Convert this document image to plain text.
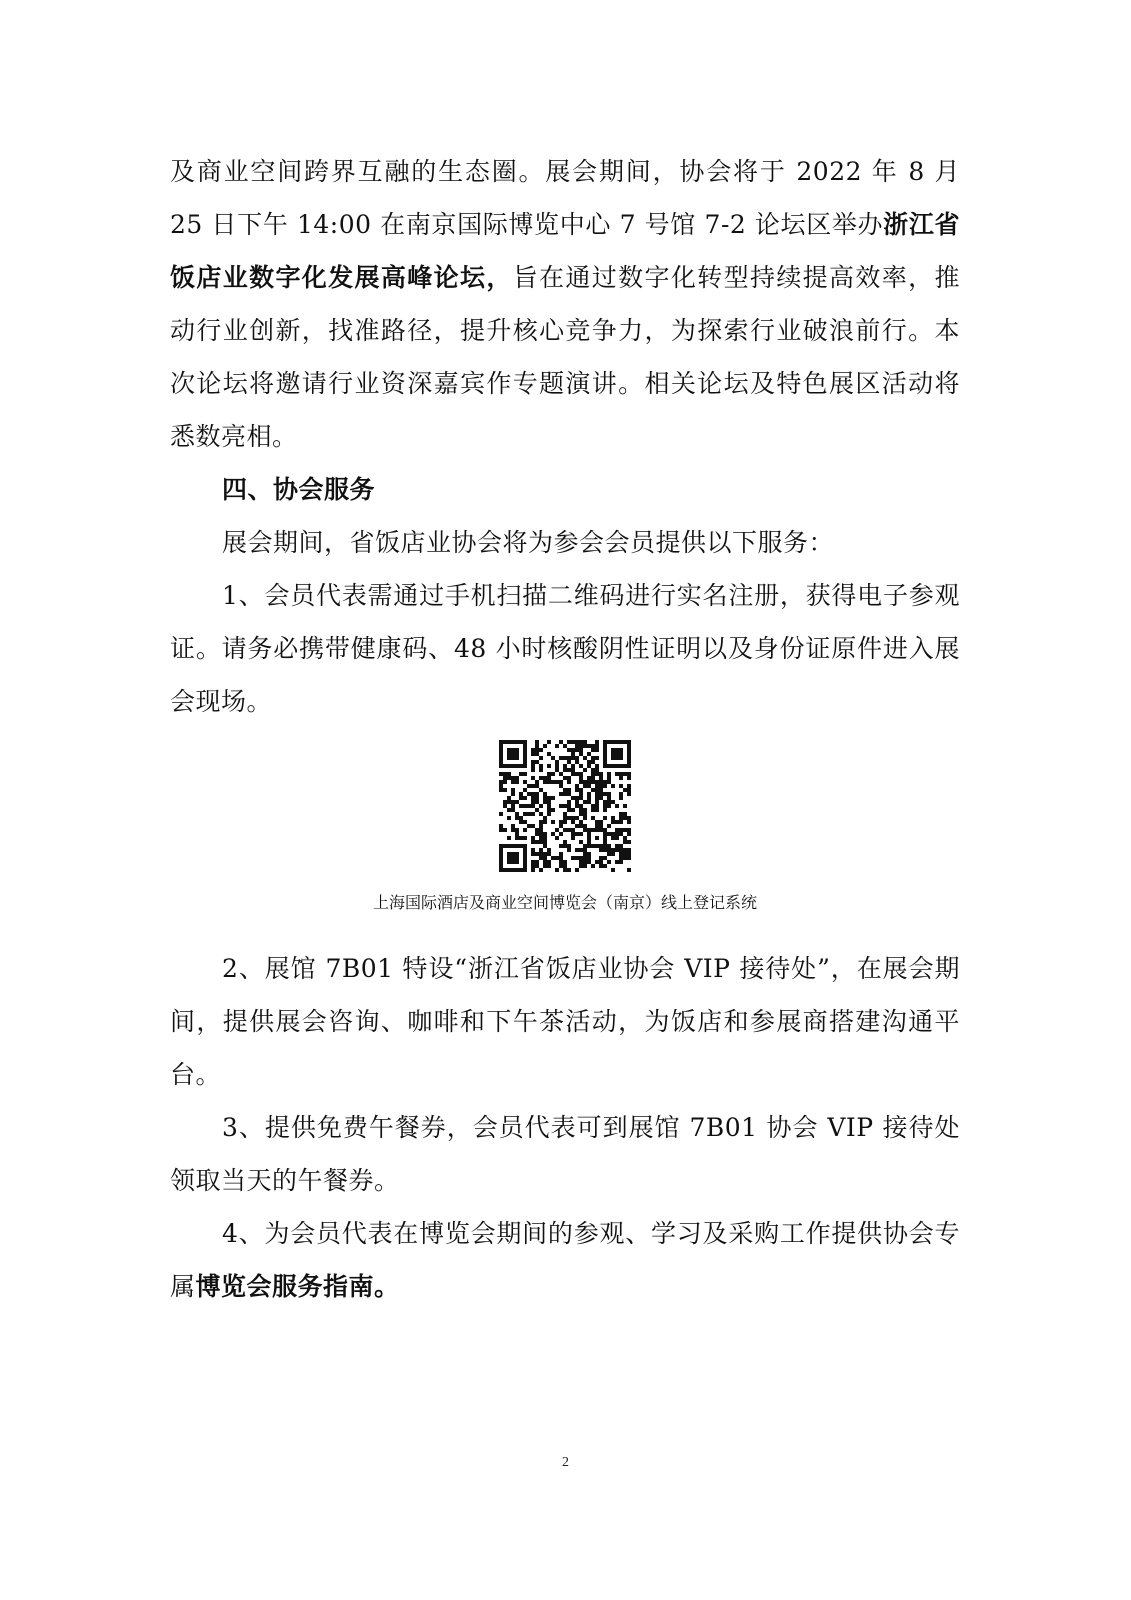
及商业空间跨界互融的生态圈。展会期间，协会将于 2022 年 8 月 25 日下午 14:00 在南京国际博览中心 7 号馆 7-2 论坛区举办浙江省饭店业数字化发展高峰论坛，旨在通过数字化转型持续提高效率，推动行业创新，找准路径，提升核心竞争力，为探索行业破浪前行。本次论坛将邀请行业资深嘉宾作专题演讲。相关论坛及特色展区活动将悉数亮相。

四、协会服务

展会期间，省饭店业协会将为参会会员提供以下服务：

1、会员代表需通过手机扫描二维码进行实名注册，获得电子参观证。请务必携带健康码、48 小时核酸阴性证明以及身份证原件进入展会现场。

上海国际酒店及商业空间博览会（南京）线上登记系统

2、展馆 7B01 特设“浙江省饭店业协会 VIP 接待处”，在展会期间，提供展会咨询、咖啡和下午茶活动，为饭店和参展商搭建沟通平台。

3、提供免费午餐券，会员代表可到展馆 7B01 协会 VIP 接待处领取当天的午餐券。

4、为会员代表在博览会期间的参观、学习及采购工作提供协会专属博览会服务指南。

2
